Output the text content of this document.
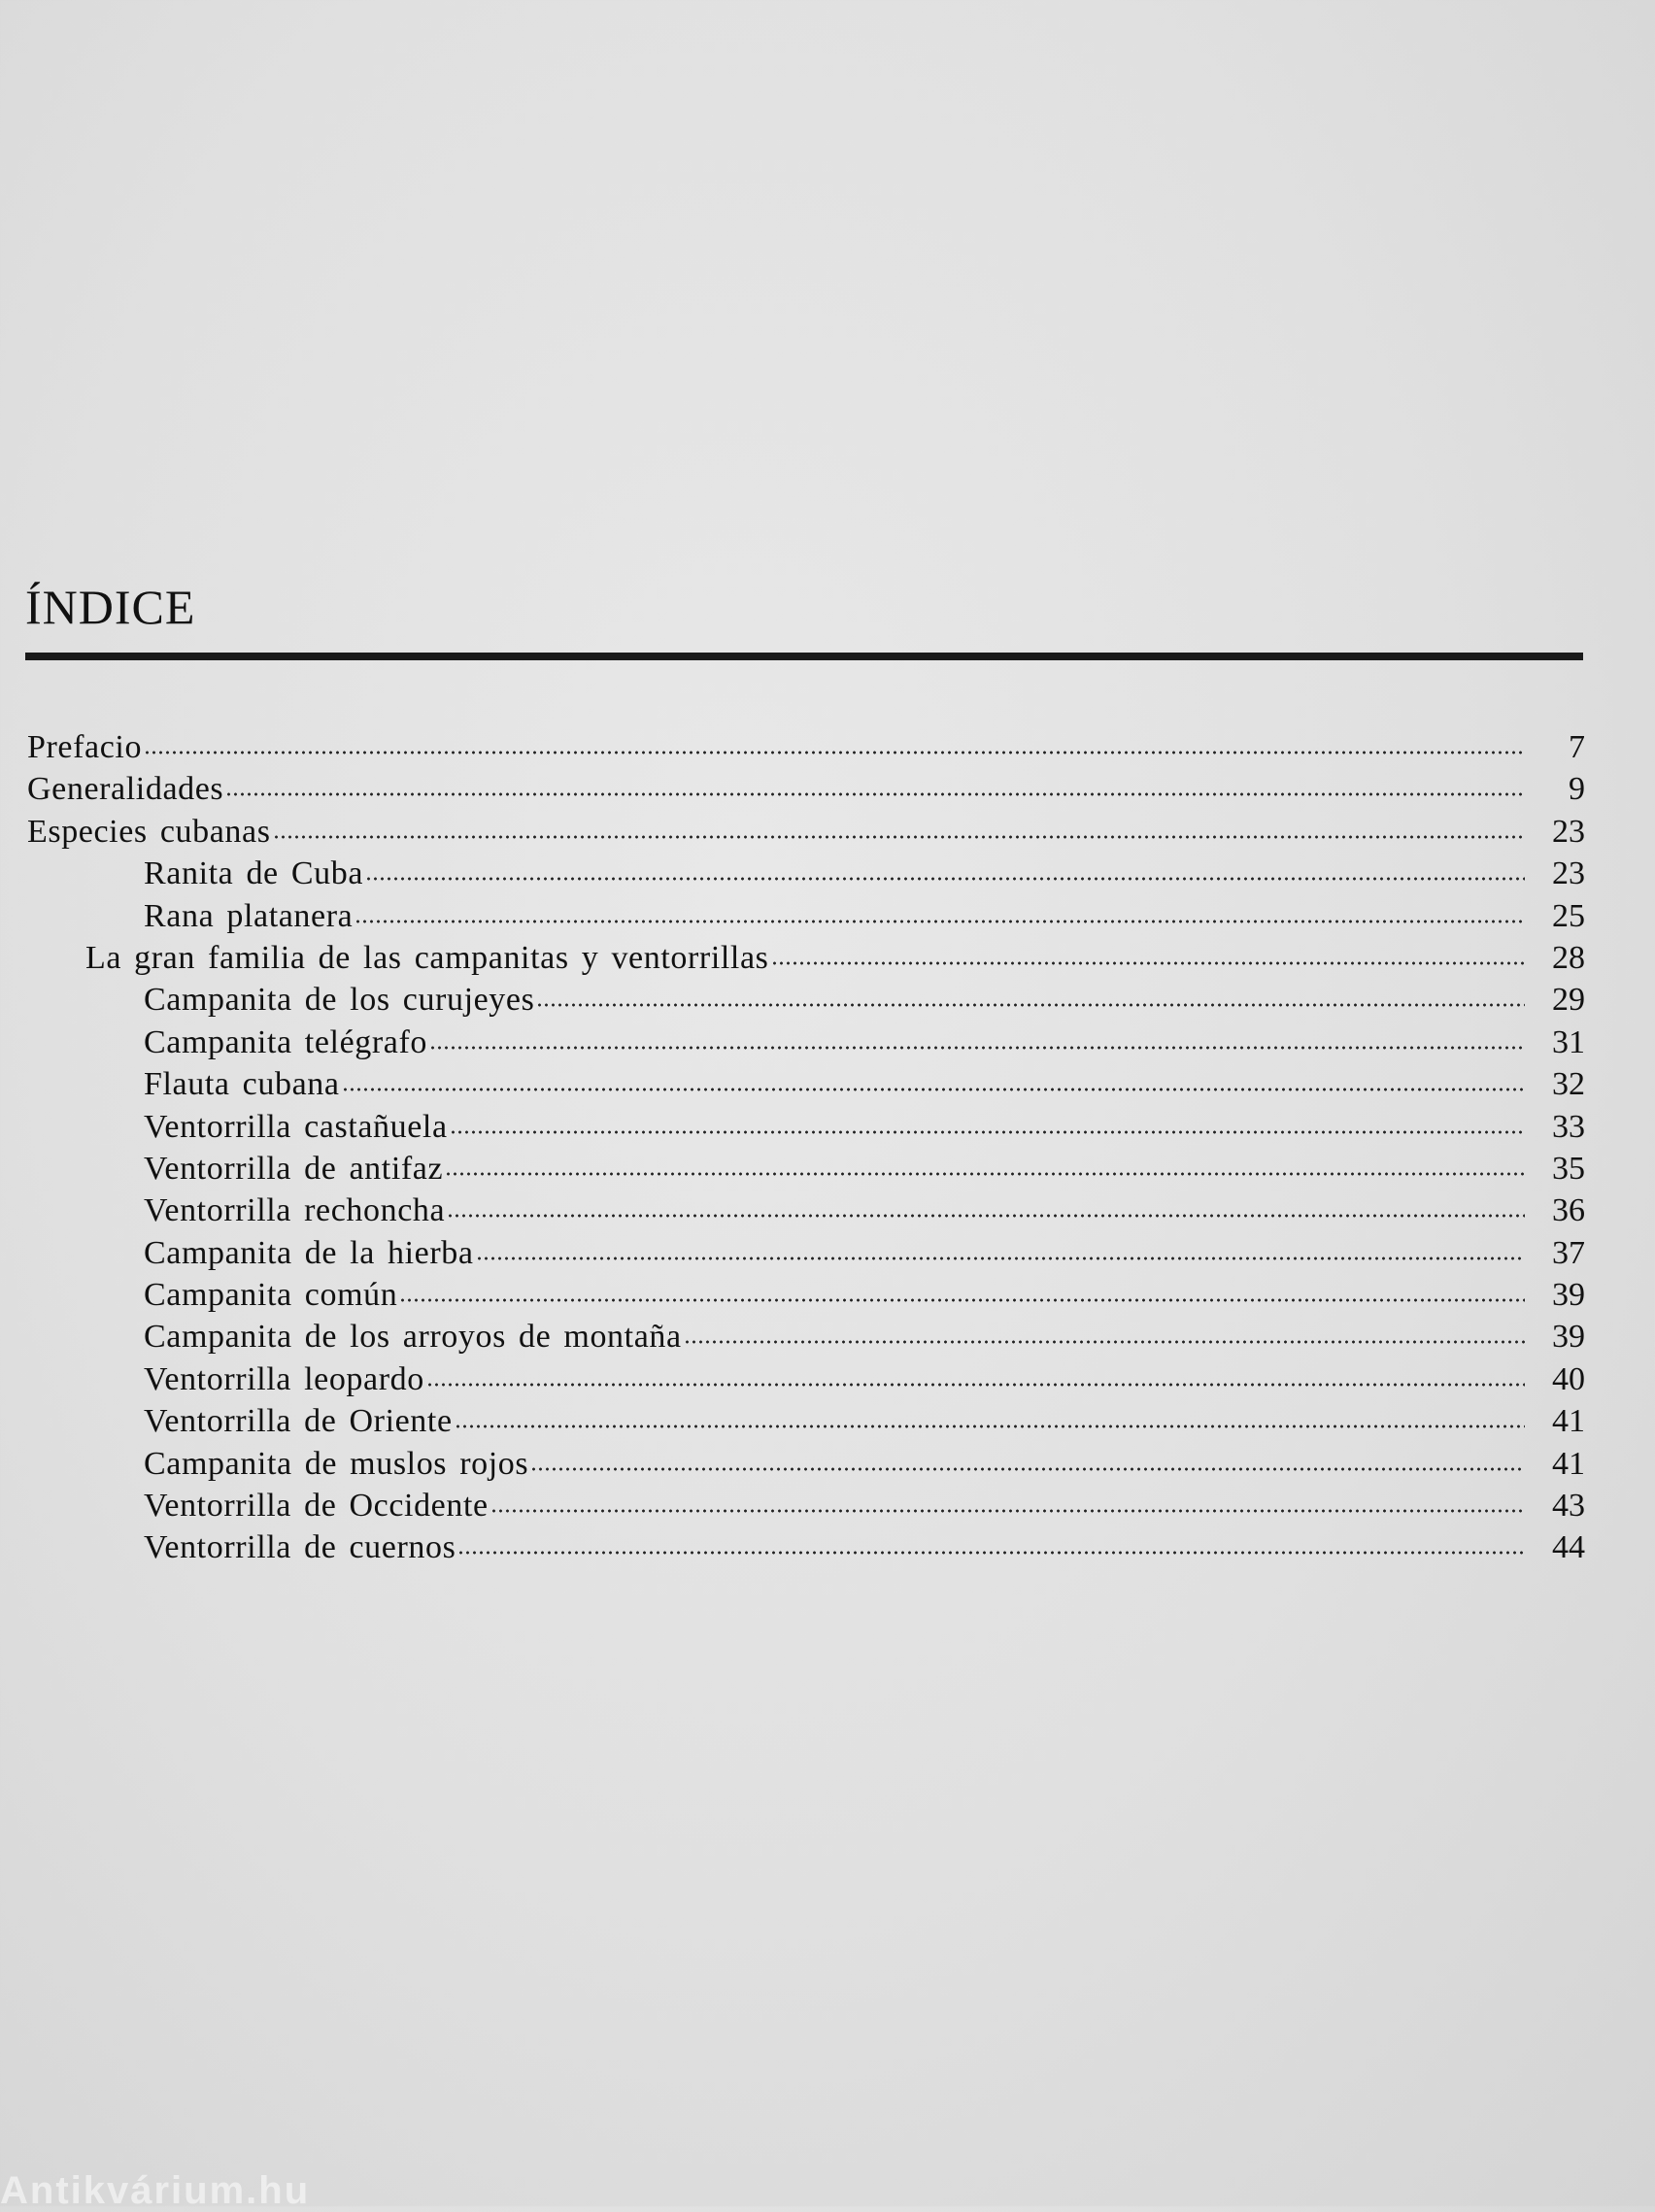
ÍNDICE
Prefacio	7
Generalidades	9
Especies cubanas	23
Ranita de Cuba	23
Rana platanera	25
La gran familia de las campanitas y ventorrillas	28
Campanita de los curujeyes	29
Campanita telégrafo	31
Flauta cubana	32
Ventorrilla castañuela	33
Ventorrilla de antifaz	35
Ventorrilla rechoncha	36
Campanita de la hierba	37
Campanita común	39
Campanita de los arroyos de montaña	39
Ventorrilla leopardo	40
Ventorrilla de Oriente	41
Campanita de muslos rojos	41
Ventorrilla de Occidente	43
Ventorrilla de cuernos	44
Antikvárium.hu
